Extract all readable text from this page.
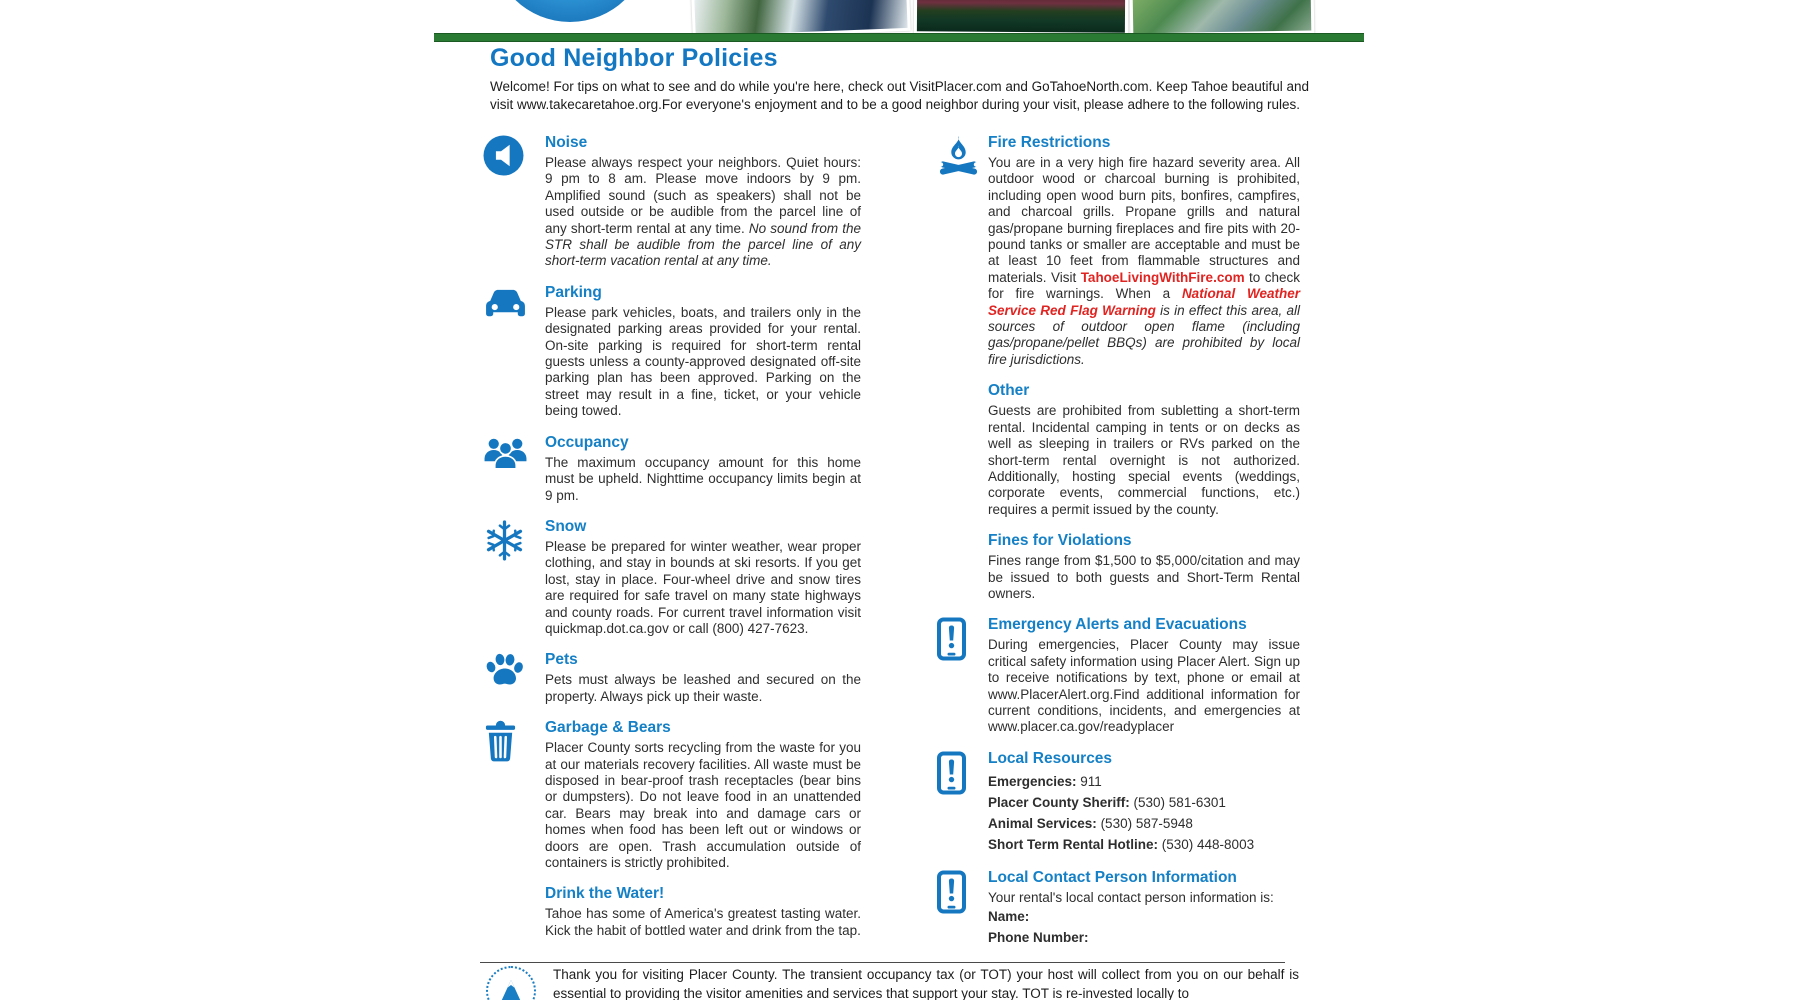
Good Neighbor Policies
Welcome! For tips on what to see and do while you're here, check out VisitPlacer.com and GoTahoeNorth.com. Keep Tahoe beautiful and visit www.takecaretahoe.org.For everyone's enjoyment and to be a good neighbor during your visit, please adhere to the following rules.
Noise

Please always respect your neighbors. Quiet hours: 9 pm to 8 am. Please move indoors by 9 pm. Amplified sound (such as speakers) shall not be used outside or be audible from the parcel line of any short-term rental at any time. No sound from the STR shall be audible from the parcel line of any short-term vacation rental at any time.

Parking

Please park vehicles, boats, and trailers only in the designated parking areas provided for your rental. On-site parking is required for short-term rental guests unless a county-approved designated off-site parking plan has been approved. Parking on the street may result in a fine, ticket, or your vehicle being towed.

Occupancy

The maximum occupancy amount for this home must be upheld. Nighttime occupancy limits begin at 9 pm.

Snow

Please be prepared for winter weather, wear proper clothing, and stay in bounds at ski resorts. If you get lost, stay in place. Four-wheel drive and snow tires are required for safe travel on many state highways and county roads. For current travel information visit quickmap.dot.ca.gov or call (800) 427-7623.

Pets

Pets must always be leashed and secured on the property. Always pick up their waste.

Garbage & Bears

Placer County sorts recycling from the waste for you at our materials recovery facilities. All waste must be disposed in bear-proof trash receptacles (bear bins or dumpsters). Do not leave food in an unattended car. Bears may break into and damage cars or homes when food has been left out or windows or doors are open. Trash accumulation outside of containers is strictly prohibited.

Drink the Water!

Tahoe has some of America's greatest tasting water. Kick the habit of bottled water and drink from the tap.

Fire Restrictions

You are in a very high fire hazard severity area. All outdoor wood or charcoal burning is prohibited, including open wood burn pits, bonfires, campfires, and charcoal grills. Propane grills and natural gas/propane burning fireplaces and fire pits with 20-pound tanks or smaller are acceptable and must be at least 10 feet from flammable structures and materials. Visit TahoeLivingWithFire.com to check for fire warnings. When a National Weather Service Red Flag Warning is in effect this area, all sources of outdoor open flame (including gas/propane/pellet BBQs) are prohibited by local fire jurisdictions.

Other

Guests are prohibited from subletting a short-term rental. Incidental camping in tents or on decks as well as sleeping in trailers or RVs parked on the short-term rental overnight is not authorized. Additionally, hosting special events (weddings, corporate events, commercial functions, etc.) requires a permit issued by the county.

Fines for Violations

Fines range from $1,500 to $5,000/citation and may be issued to both guests and Short-Term Rental owners.

Emergency Alerts and Evacuations

During emergencies, Placer County may issue critical safety information using Placer Alert. Sign up to receive notifications by text, phone or email at www.PlacerAlert.org.Find additional information for current conditions, incidents, and emergencies at www.placer.ca.gov/readyplacer

Local Resources

Emergencies: 911

Placer County Sheriff: (530) 581-6301

Animal Services: (530) 587-5948

Short Term Rental Hotline: (530) 448-8003

Local Contact Person Information

Your rental's local contact person information is:

Name:

Phone Number:

Thank you for visiting Placer County. The transient occupancy tax (or TOT) your host will collect from you on our behalf is essential to providing the visitor amenities and services that support your stay. TOT is re-invested locally to
